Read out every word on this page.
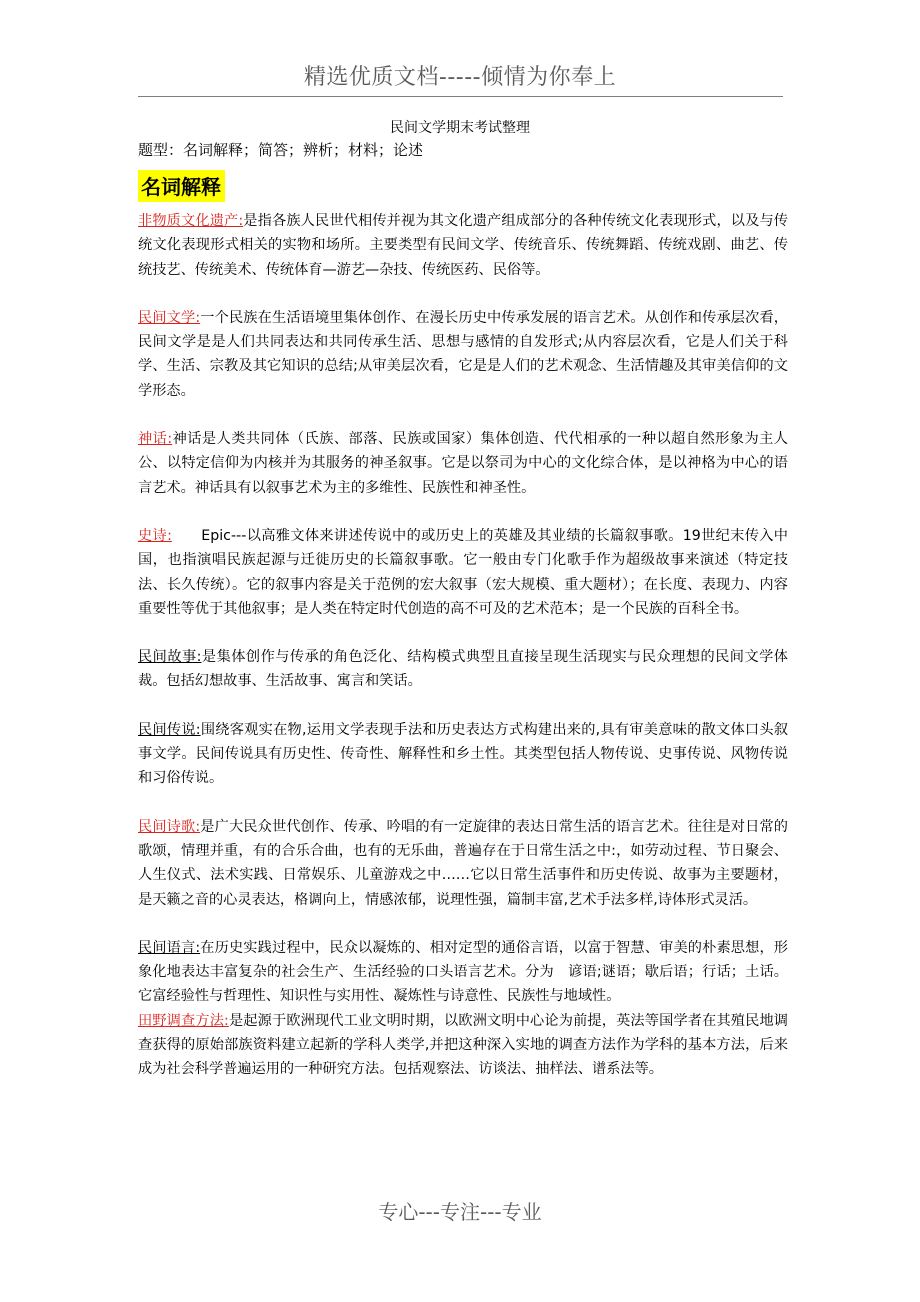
精选优质文档-----倾情为你奉上
民间文学期末考试整理
题型：名词解释；简答；辨析；材料；论述
名词解释

非物质文化遗产:是指各族人民世代相传并视为其文化遗产组成部分的各种传统文化表现形式，以及与传统文化表现形式相关的实物和场所。主要类型有民间文学、传统音乐、传统舞蹈、传统戏剧、曲艺、传统技艺、传统美术、传统体育—游艺—杂技、传统医药、民俗等。

民间文学:一个民族在生活语境里集体创作、在漫长历史中传承发展的语言艺术。从创作和传承层次看，民间文学是是人们共同表达和共同传承生活、思想与感情的自发形式;从内容层次看，它是人们关于科学、生活、宗教及其它知识的总结;从审美层次看，它是是人们的艺术观念、生活情趣及其审美信仰的文学形态。

神话:神话是人类共同体（氏族、部落、民族或国家）集体创造、代代相承的一种以超自然形象为主人公、以特定信仰为内核并为其服务的神圣叙事。它是以祭司为中心的文化综合体，是以神格为中心的语言艺术。神话具有以叙事艺术为主的多维性、民族性和神圣性。

史诗:　　Epic---以高雅文体来讲述传说中的或历史上的英雄及其业绩的长篇叙事歌。19世纪末传入中国，也指演唱民族起源与迁徙历史的长篇叙事歌。它一般由专门化歌手作为超级故事来演述（特定技法、长久传统）。它的叙事内容是关于范例的宏大叙事（宏大规模、重大题材）；在长度、表现力、内容重要性等优于其他叙事；是人类在特定时代创造的高不可及的艺术范本；是一个民族的百科全书。

民间故事:是集体创作与传承的角色泛化、结构模式典型且直接呈现生活现实与民众理想的民间文学体裁。包括幻想故事、生活故事、寓言和笑话。

民间传说:围绕客观实在物,运用文学表现手法和历史表达方式构建出来的,具有审美意味的散文体口头叙事文学。民间传说具有历史性、传奇性、解释性和乡土性。其类型包括人物传说、史事传说、风物传说和习俗传说。

民间诗歌:是广大民众世代创作、传承、吟唱的有一定旋律的表达日常生活的语言艺术。往往是对日常的歌颂，情理并重，有的合乐合曲，也有的无乐曲，普遍存在于日常生活之中:，如劳动过程、节日聚会、人生仪式、法术实践、日常娱乐、儿童游戏之中……它以日常生活事件和历史传说、故事为主要题材，是天籁之音的心灵表达，格调向上，情感浓郁，说理性强，篇制丰富,艺术手法多样,诗体形式灵活。

民间语言:在历史实践过程中，民众以凝炼的、相对定型的通俗言语，以富于智慧、审美的朴素思想，形象化地表达丰富复杂的社会生产、生活经验的口头语言艺术。分为　谚语;谜语；歇后语；行话；土话。它富经验性与哲理性、知识性与实用性、凝炼性与诗意性、民族性与地域性。

田野调查方法:是起源于欧洲现代工业文明时期，以欧洲文明中心论为前提，英法等国学者在其殖民地调查获得的原始部族资料建立起新的学科人类学,并把这种深入实地的调查方法作为学科的基本方法，后来成为社会科学普遍运用的一种研究方法。包括观察法、访谈法、抽样法、谱系法等。

专心---专注---专业
